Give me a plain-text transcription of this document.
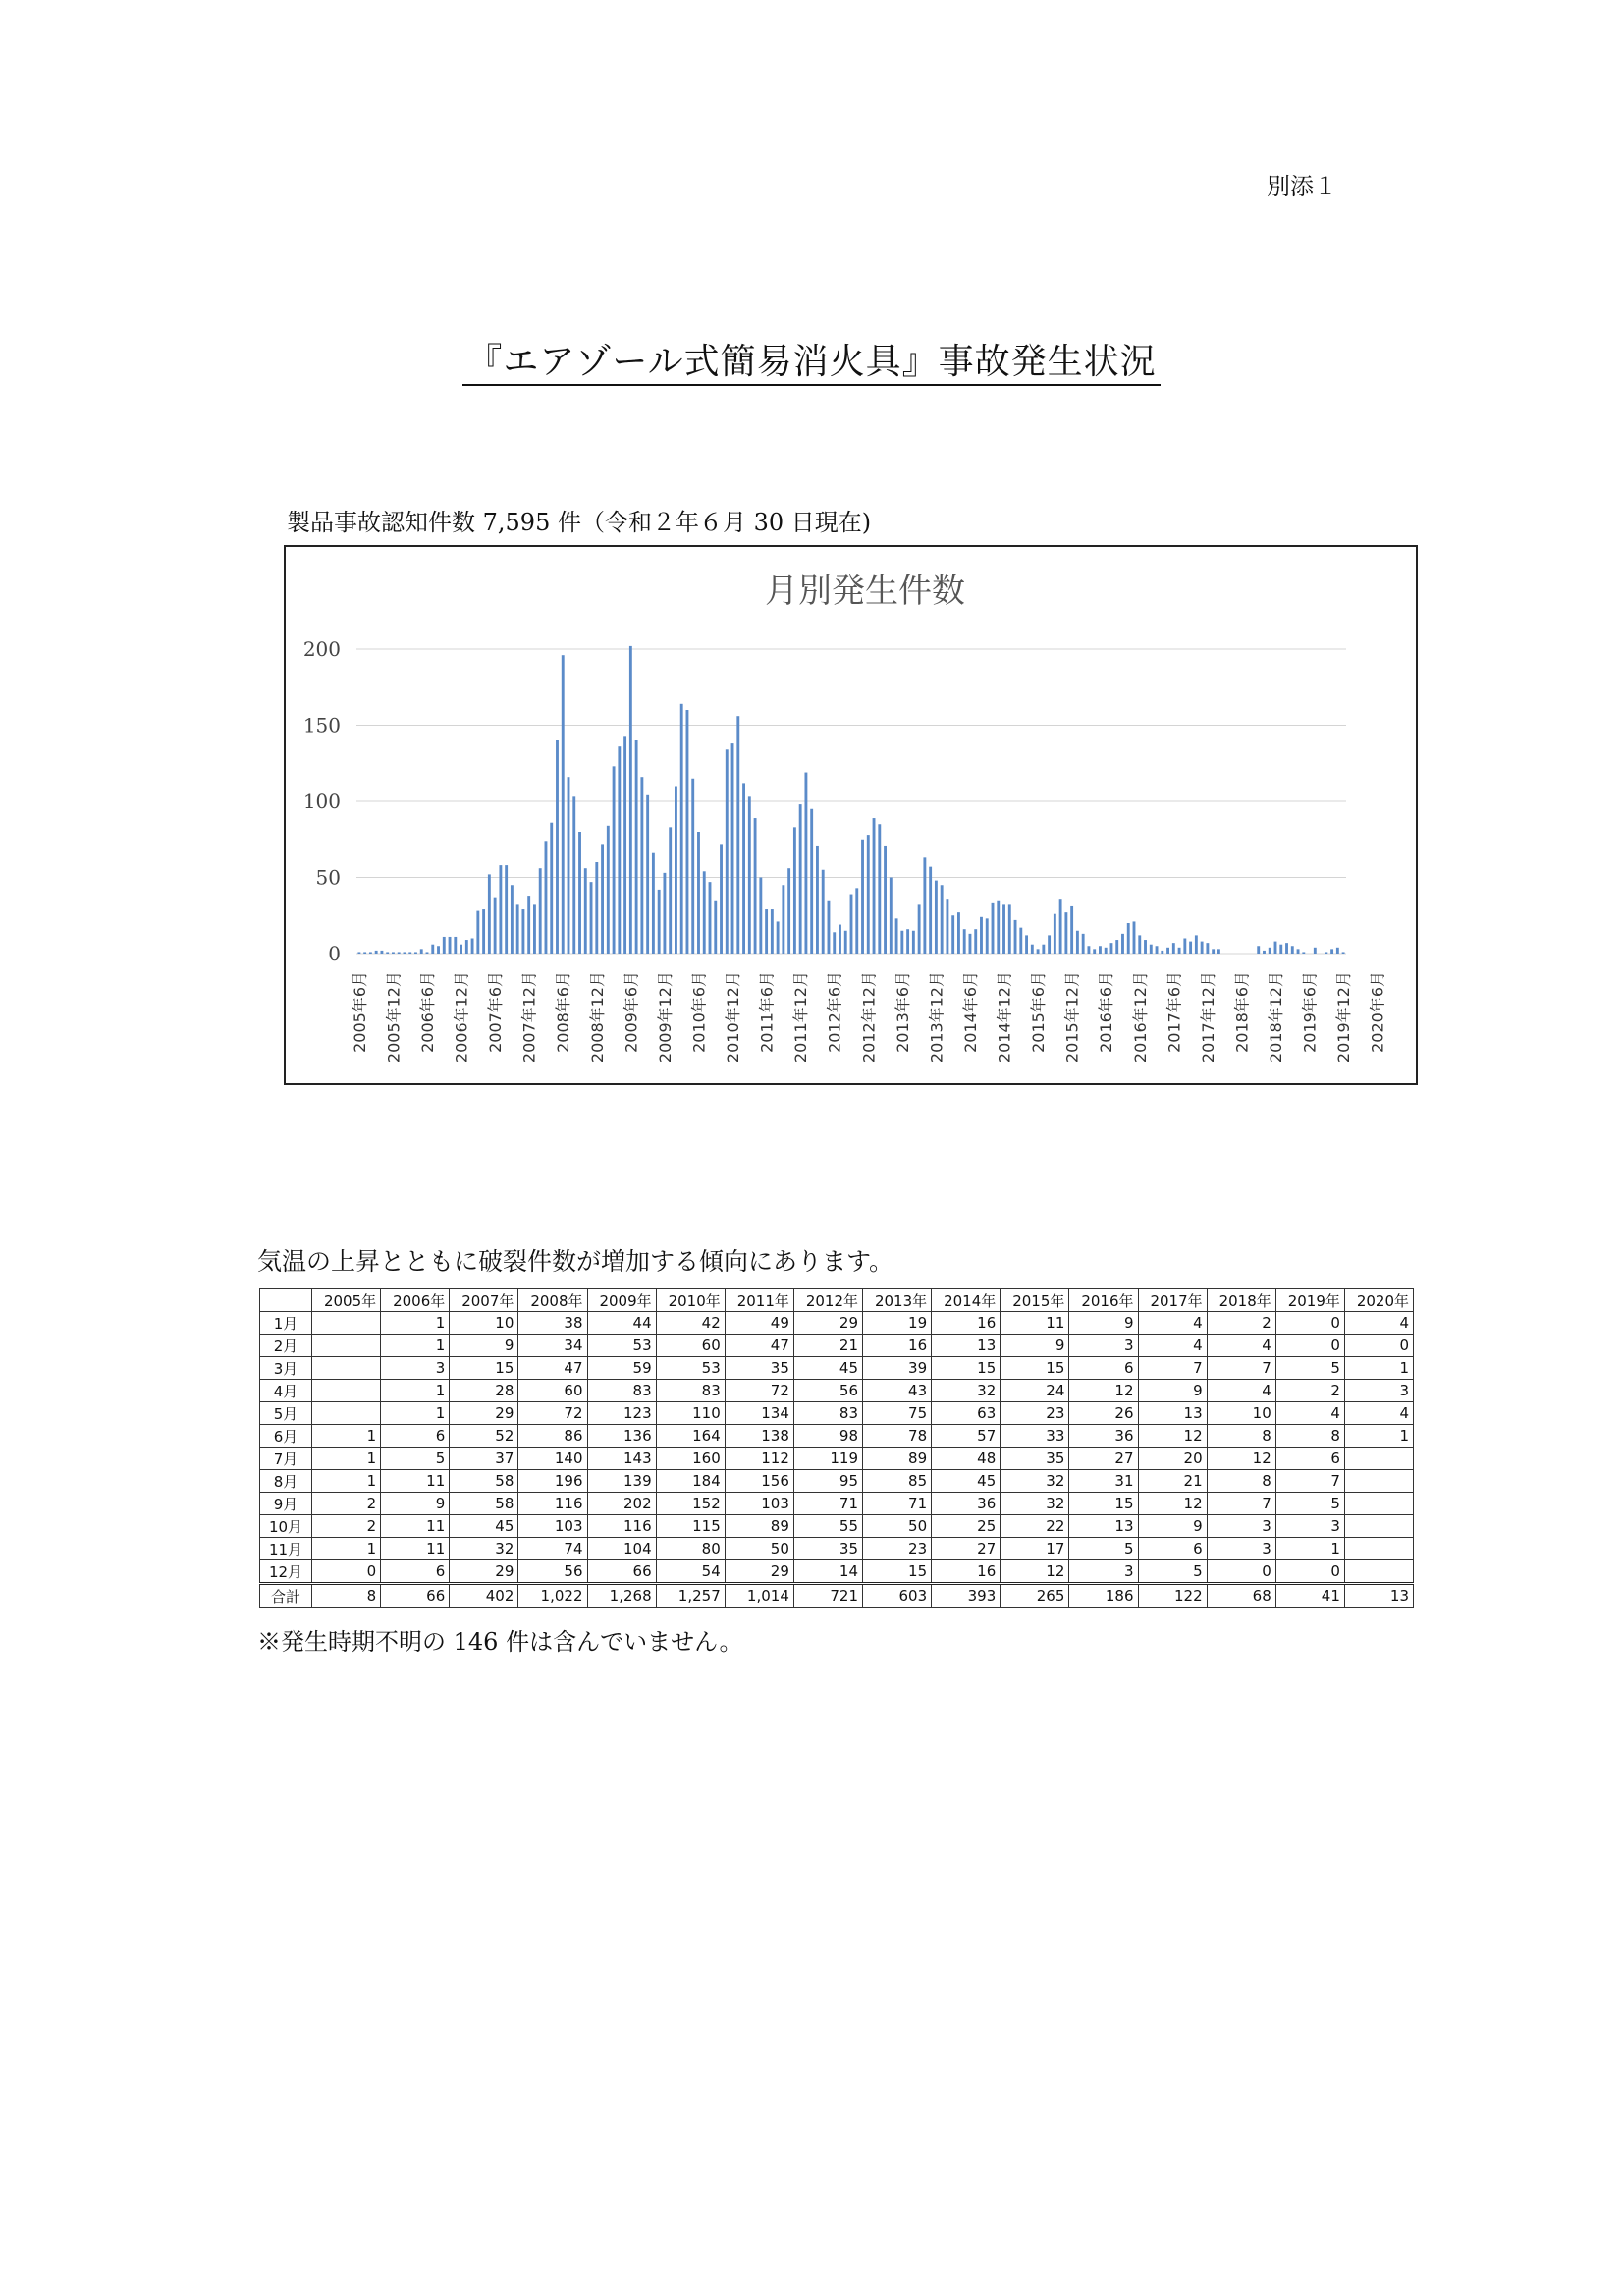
別添１
『エアゾール式簡易消火具』事故発生状況
製品事故認知件数 7,595 件（令和２年６月 30 日現在)
月別発生件数
0
50
100
150
200
2005年6月 2005年12月 2006年6月 2006年12月 2007年6月 2007年12月 2008年6月 2008年12月 2009年6月 2009年12月 2010年6月 2010年12月 2011年6月 2011年12月 2012年6月 2012年12月 2013年6月 2013年12月 2014年6月 2014年12月 2015年6月 2015年12月 2016年6月 2016年12月 2017年6月 2017年12月 2018年6月 2018年12月 2019年6月 2019年12月 2020年6月
気温の上昇とともに破裂件数が増加する傾向にあります。
	2005年	2006年	2007年	2008年	2009年	2010年	2011年	2012年	2013年	2014年	2015年	2016年	2017年	2018年	2019年	2020年
1月		1	10	38	44	42	49	29	19	16	11	9	4	2	0	4
2月		1	9	34	53	60	47	21	16	13	9	3	4	4	0	0
3月		3	15	47	59	53	35	45	39	15	15	6	7	7	5	1
4月		1	28	60	83	83	72	56	43	32	24	12	9	4	2	3
5月		1	29	72	123	110	134	83	75	63	23	26	13	10	4	4
6月	1	6	52	86	136	164	138	98	78	57	33	36	12	8	8	1
7月	1	5	37	140	143	160	112	119	89	48	35	27	20	12	6	
8月	1	11	58	196	139	184	156	95	85	45	32	31	21	8	7	
9月	2	9	58	116	202	152	103	71	71	36	32	15	12	7	5	
10月	2	11	45	103	116	115	89	55	50	25	22	13	9	3	3	
11月	1	11	32	74	104	80	50	35	23	27	17	5	6	3	1	
12月	0	6	29	56	66	54	29	14	15	16	12	3	5	0	0	
合計	8	66	402	1,022	1,268	1,257	1,014	721	603	393	265	186	122	68	41	13
※発生時期不明の 146 件は含んでいません。
